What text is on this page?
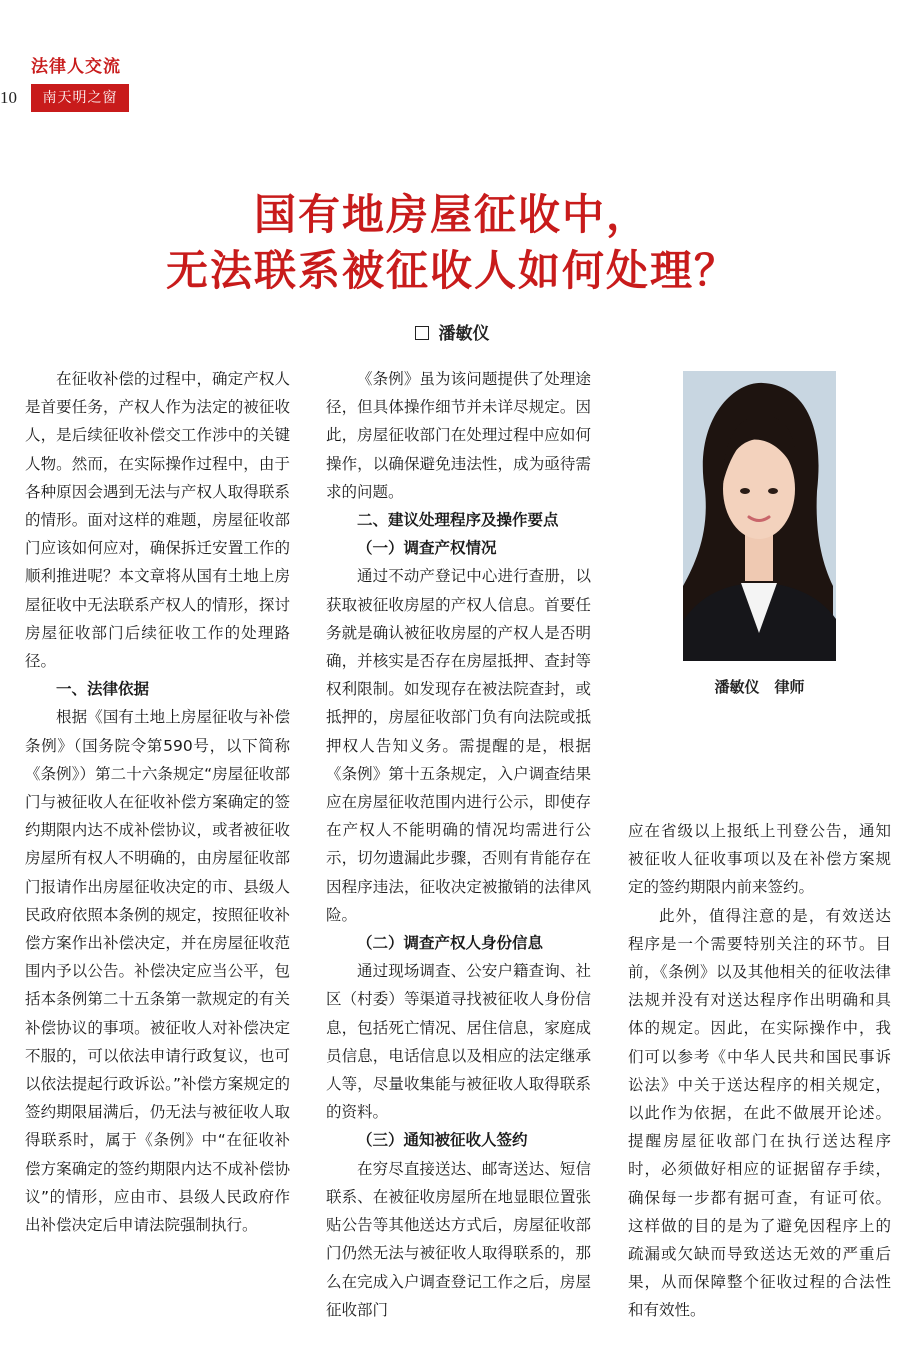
法律人交流
10	南天明之窗
国有地房屋征收中，
无法联系被征收人如何处理？
潘敏仪

在征收补偿的过程中，确定产权人是首要任务，产权人作为法定的被征收人，是后续征收补偿交工作涉中的关键人物。然而，在实际操作过程中，由于各种原因会遇到无法与产权人取得联系的情形。面对这样的难题，房屋征收部门应该如何应对，确保拆迁安置工作的顺利推进呢？本文章将从国有土地上房屋征收中无法联系产权人的情形，探讨房屋征收部门后续征收工作的处理路径。

一、法律依据

根据《国有土地上房屋征收与补偿条例》（国务院令第590号，以下简称《条例》）第二十六条规定“房屋征收部门与被征收人在征收补偿方案确定的签约期限内达不成补偿协议，或者被征收房屋所有权人不明确的，由房屋征收部门报请作出房屋征收决定的市、县级人民政府依照本条例的规定，按照征收补偿方案作出补偿决定，并在房屋征收范围内予以公告。补偿决定应当公平，包括本条例第二十五条第一款规定的有关补偿协议的事项。被征收人对补偿决定不服的，可以依法申请行政复议，也可以依法提起行政诉讼。”补偿方案规定的签约期限届满后，仍无法与被征收人取得联系时，属于《条例》中“在征收补偿方案确定的签约期限内达不成补偿协议”的情形，应由市、县级人民政府作出补偿决定后申请法院强制执行。

《条例》虽为该问题提供了处理途径，但具体操作细节并未详尽规定。因此，房屋征收部门在处理过程中应如何操作，以确保避免违法性，成为亟待需求的问题。

二、建议处理程序及操作要点

（一）调查产权情况

通过不动产登记中心进行查册，以获取被征收房屋的产权人信息。首要任务就是确认被征收房屋的产权人是否明确，并核实是否存在房屋抵押、查封等权利限制。如发现存在被法院查封，或抵押的，房屋征收部门负有向法院或抵押权人告知义务。需提醒的是，根据《条例》第十五条规定，入户调查结果应在房屋征收范围内进行公示，即使存在产权人不能明确的情况均需进行公示，切勿遗漏此步骤，否则有肯能存在因程序违法，征收决定被撤销的法律风险。

（二）调查产权人身份信息

通过现场调查、公安户籍查询、社区（村委）等渠道寻找被征收人身份信息，包括死亡情况、居住信息，家庭成员信息，电话信息以及相应的法定继承人等，尽量收集能与被征收人取得联系的资料。

（三）通知被征收人签约

在穷尽直接送达、邮寄送达、短信联系、在被征收房屋所在地显眼位置张贴公告等其他送达方式后，房屋征收部门仍然无法与被征收人取得联系的，那么在完成入户调查登记工作之后，房屋征收部门

潘敏仪　律师

应在省级以上报纸上刊登公告，通知被征收人征收事项以及在补偿方案规定的签约期限内前来签约。

此外，值得注意的是，有效送达程序是一个需要特别关注的环节。目前，《条例》以及其他相关的征收法律法规并没有对送达程序作出明确和具体的规定。因此，在实际操作中，我们可以参考《中华人民共和国民事诉讼法》中关于送达程序的相关规定，以此作为依据，在此不做展开论述。提醒房屋征收部门在执行送达程序时，必须做好相应的证据留存手续，确保每一步都有据可查，有证可依。这样做的目的是为了避免因程序上的疏漏或欠缺而导致送达无效的严重后果，从而保障整个征收过程的合法性和有效性。
